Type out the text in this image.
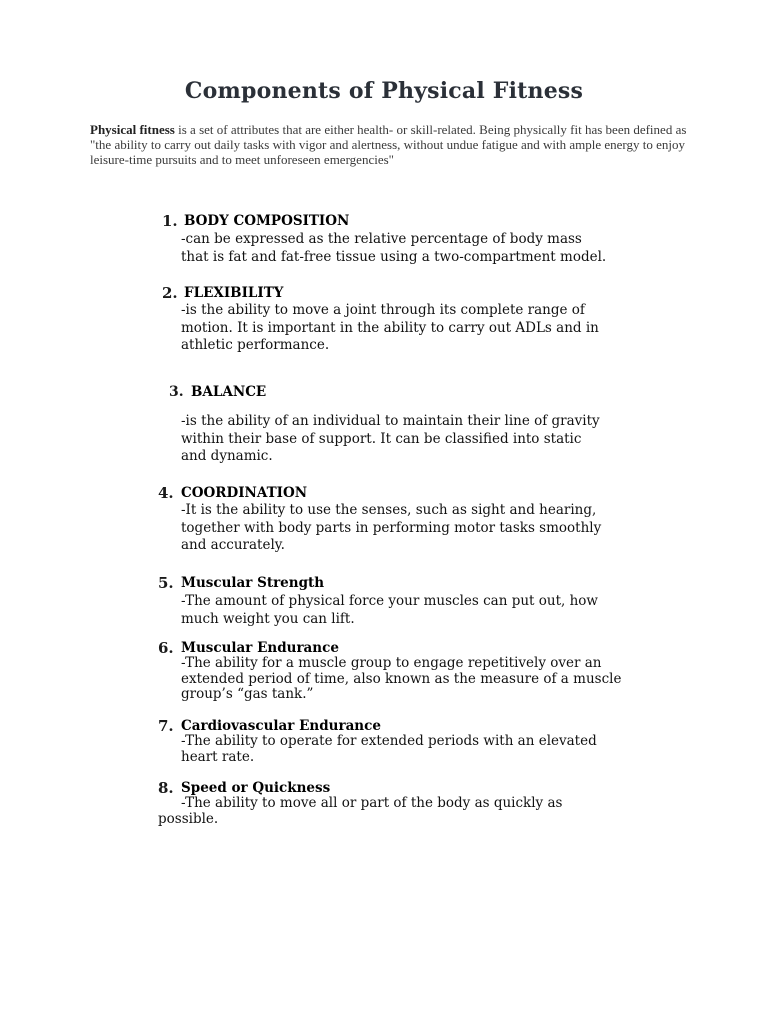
Components of Physical Fitness
Physical fitness is a set of attributes that are either health- or skill-related. Being physically fit has been defined as "the ability to carry out daily tasks with vigor and alertness, without undue fatigue and with ample energy to enjoy leisure-time pursuits and to meet unforeseen emergencies"
1. BODY COMPOSITION
-can be expressed as the relative percentage of body mass
that is fat and fat-free tissue using a two-compartment model.
2. FLEXIBILITY
-is the ability to move a joint through its complete range of
motion. It is important in the ability to carry out ADLs and in
athletic performance.
3. BALANCE
-is the ability of an individual to maintain their line of gravity
within their base of support. It can be classified into static
and dynamic.
4. COORDINATION
-It is the ability to use the senses, such as sight and hearing,
together with body parts in performing motor tasks smoothly
and accurately.
5. Muscular Strength
-The amount of physical force your muscles can put out, how
much weight you can lift.
6. Muscular Endurance
-The ability for a muscle group to engage repetitively over an
extended period of time, also known as the measure of a muscle
group’s “gas tank.”
7. Cardiovascular Endurance
-The ability to operate for extended periods with an elevated
heart rate.
8. Speed or Quickness
-The ability to move all or part of the body as quickly as
possible.
